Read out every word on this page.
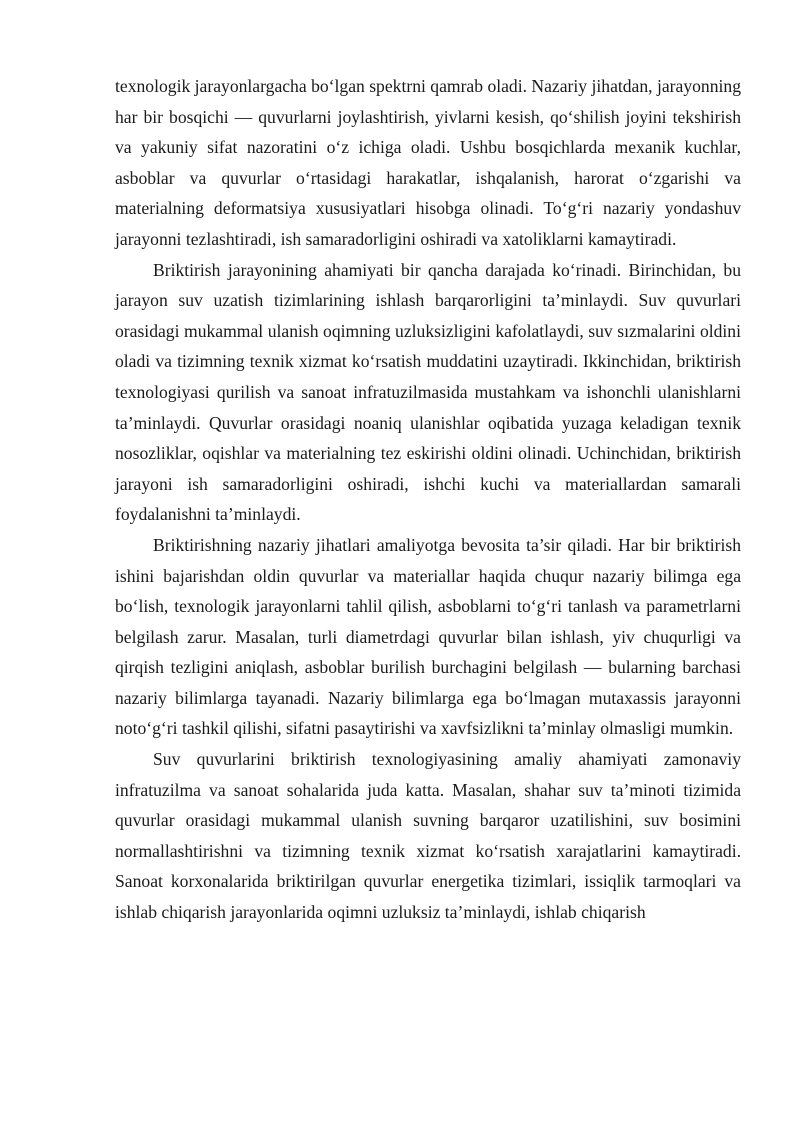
texnologik jarayonlargacha bo‘lgan spektrni qamrab oladi. Nazariy jihatdan, jarayonning har bir bosqichi — quvurlarni joylashtirish, yivlarni kesish, qo‘shilish joyini tekshirish va yakuniy sifat nazoratini o‘z ichiga oladi. Ushbu bosqichlarda mexanik kuchlar, asboblar va quvurlar o‘rtasidagi harakatlar, ishqalanish, harorat o‘zgarishi va materialning deformatsiya xususiyatlari hisobga olinadi. To‘g‘ri nazariy yondashuv jarayonni tezlashtiradi, ish samaradorligini oshiradi va xatoliklarni kamaytiradi.

Briktirish jarayonining ahamiyati bir qancha darajada ko‘rinadi. Birinchidan, bu jarayon suv uzatish tizimlarining ishlash barqarorligini ta’minlaydi. Suv quvurlari orasidagi mukammal ulanish oqimning uzluksizligini kafolatlaydi, suv sızmalarini oldini oladi va tizimning texnik xizmat ko‘rsatish muddatini uzaytiradi. Ikkinchidan, briktirish texnologiyasi qurilish va sanoat infratuzilmasida mustahkam va ishonchli ulanishlarni ta’minlaydi. Quvurlar orasidagi noaniq ulanishlar oqibatida yuzaga keladigan texnik nosozliklar, oqishlar va materialning tez eskirishi oldini olinadi. Uchinchidan, briktirish jarayoni ish samaradorligini oshiradi, ishchi kuchi va materiallardan samarali foydalanishni ta’minlaydi.

Briktirishning nazariy jihatlari amaliyotga bevosita ta’sir qiladi. Har bir briktirish ishini bajarishdan oldin quvurlar va materiallar haqida chuqur nazariy bilimga ega bo‘lish, texnologik jarayonlarni tahlil qilish, asboblarni to‘g‘ri tanlash va parametrlarni belgilash zarur. Masalan, turli diametrdagi quvurlar bilan ishlash, yiv chuqurligi va qirqish tezligini aniqlash, asboblar burilish burchagini belgilash — bularning barchasi nazariy bilimlarga tayanadi. Nazariy bilimlarga ega bo‘lmagan mutaxassis jarayonni noto‘g‘ri tashkil qilishi, sifatni pasaytirishi va xavfsizlikni ta’minlay olmasligi mumkin.

Suv quvurlarini briktirish texnologiyasining amaliy ahamiyati zamonaviy infratuzilma va sanoat sohalarida juda katta. Masalan, shahar suv ta’minoti tizimida quvurlar orasidagi mukammal ulanish suvning barqaror uzatilishini, suv bosimini normallashtirishni va tizimning texnik xizmat ko‘rsatish xarajatlarini kamaytiradi. Sanoat korxonalarida briktirilgan quvurlar energetika tizimlari, issiqlik tarmoqlari va ishlab chiqarish jarayonlarida oqimni uzluksiz ta’minlaydi, ishlab chiqarish
